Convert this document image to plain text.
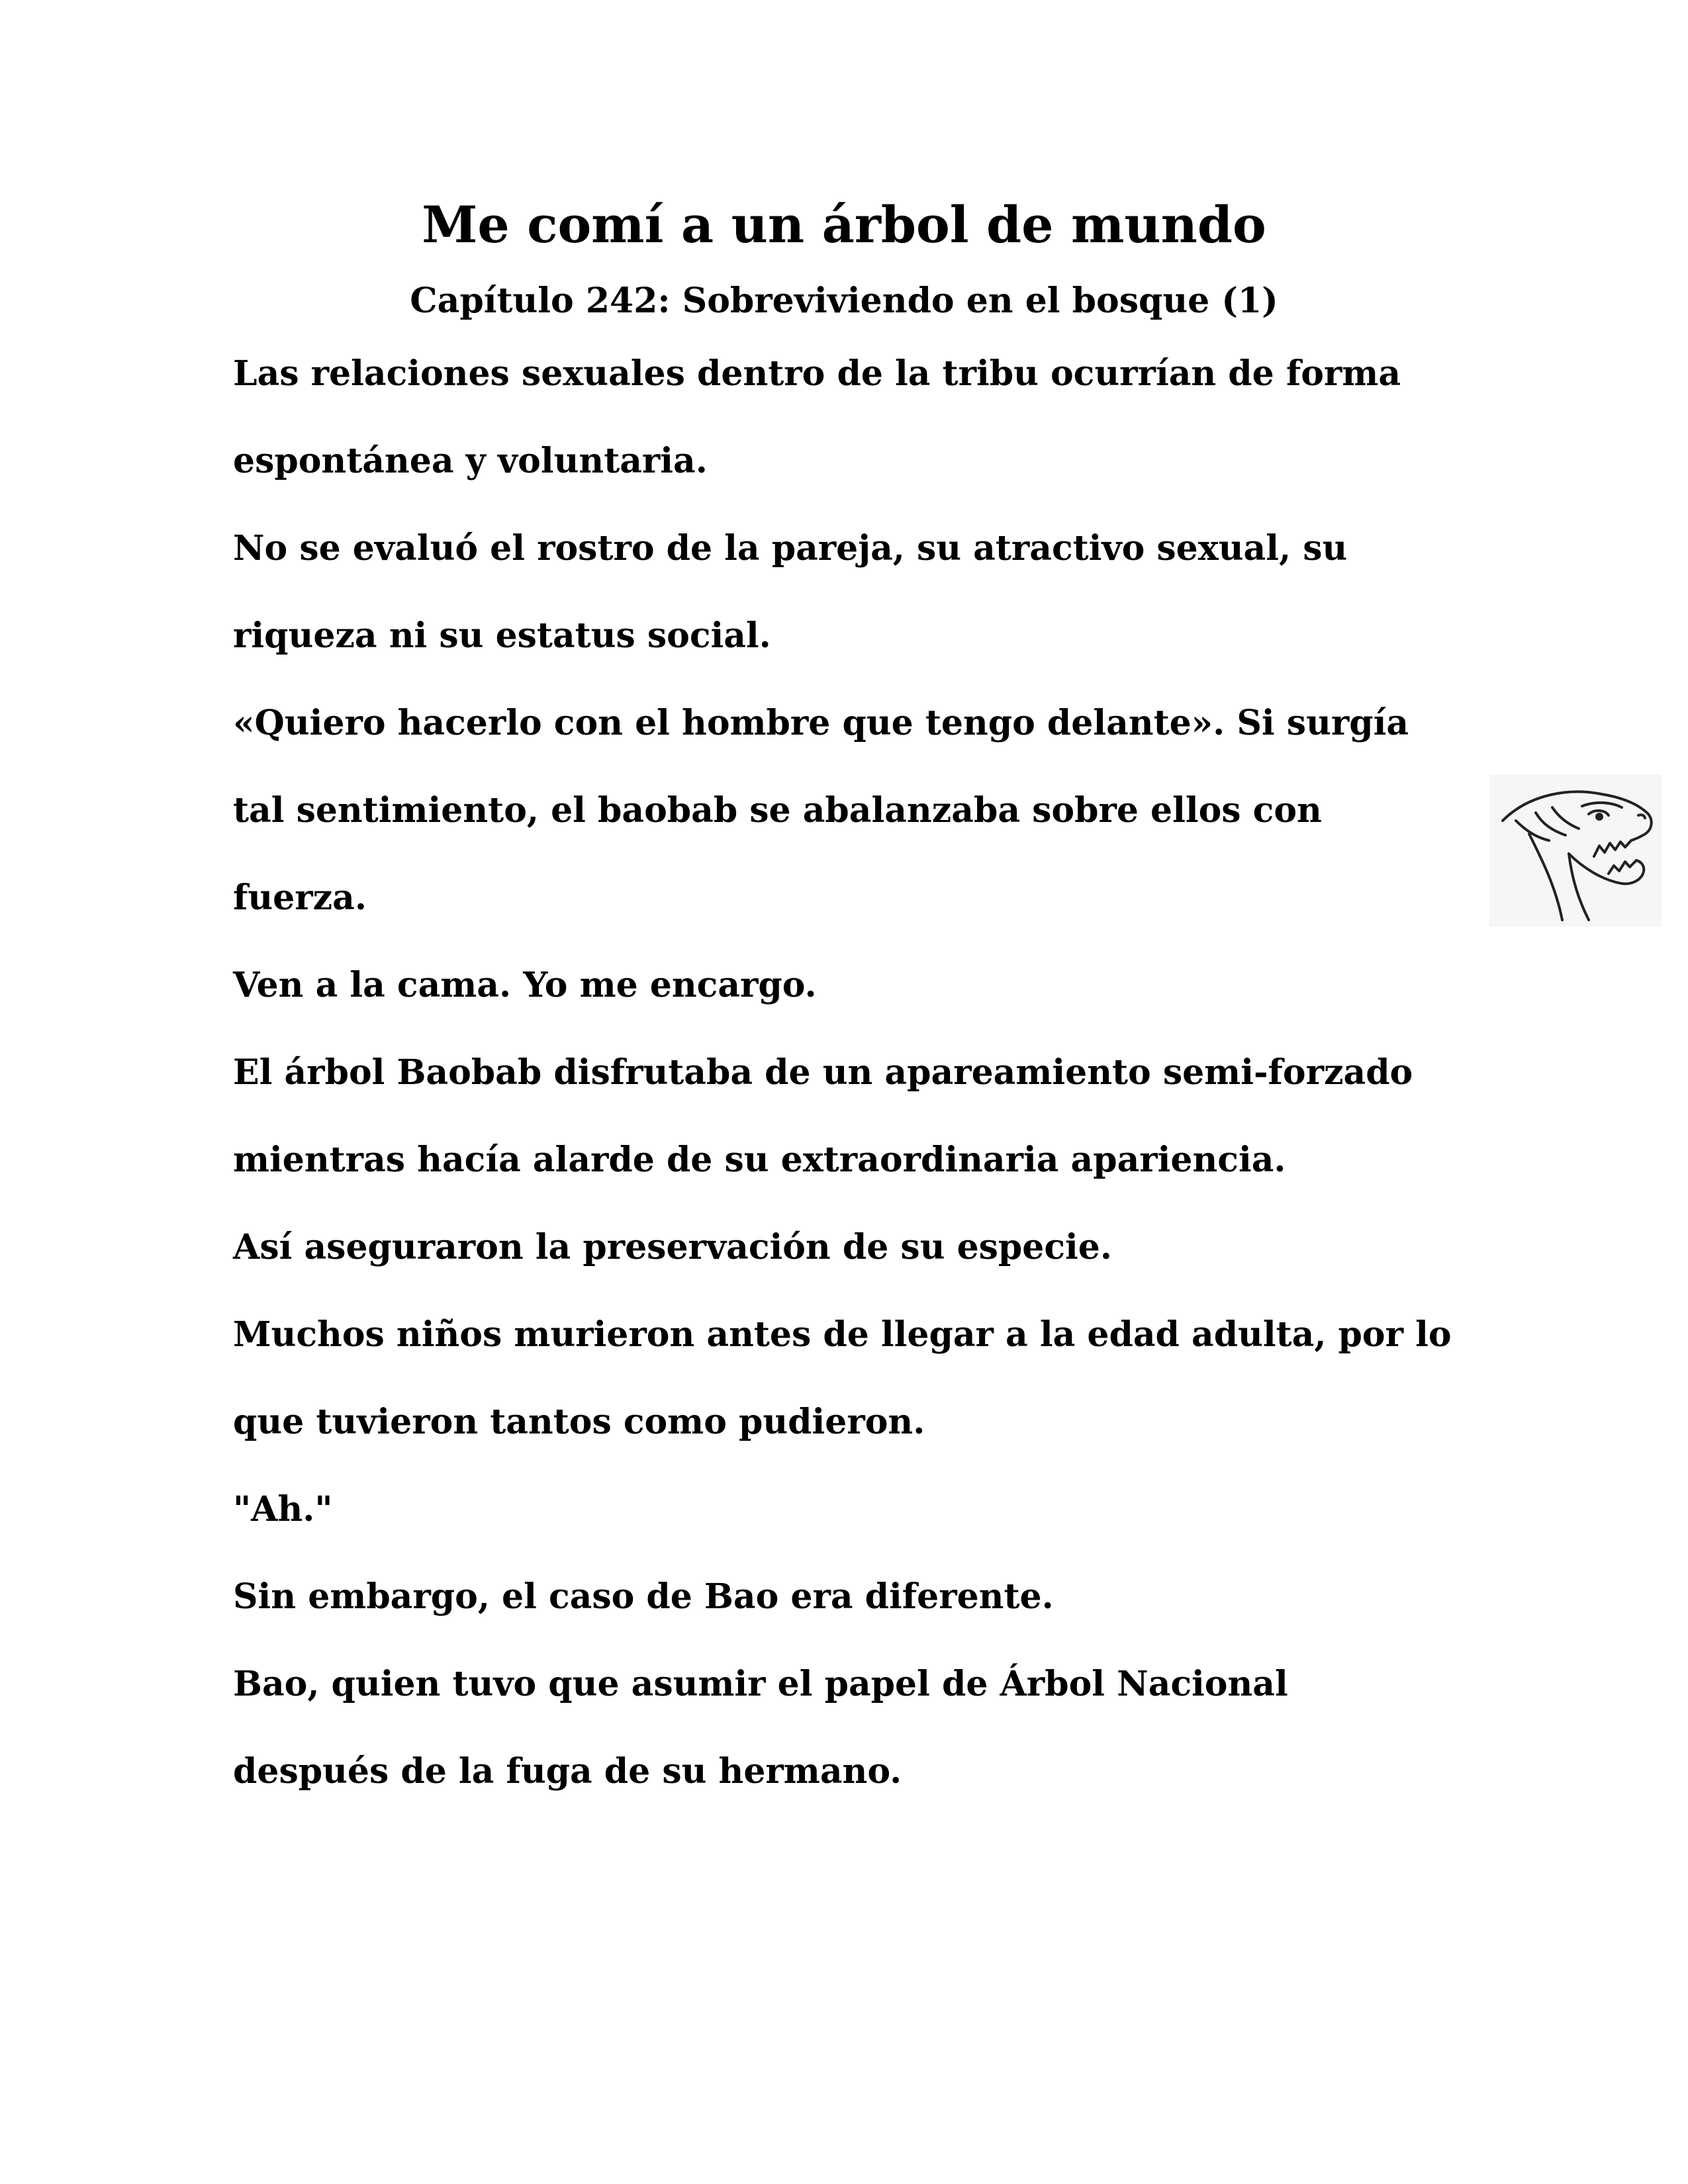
Me comí a un árbol de mundo
Capítulo 242: Sobreviviendo en el bosque (1)
Las relaciones sexuales dentro de la tribu ocurrían de forma
espontánea y voluntaria.
No se evaluó el rostro de la pareja, su atractivo sexual, su
riqueza ni su estatus social.
«Quiero hacerlo con el hombre que tengo delante». Si surgía
tal sentimiento, el baobab se abalanzaba sobre ellos con
fuerza.
Ven a la cama. Yo me encargo.
El árbol Baobab disfrutaba de un apareamiento semi-forzado
mientras hacía alarde de su extraordinaria apariencia.
Así aseguraron la preservación de su especie.
Muchos niños murieron antes de llegar a la edad adulta, por lo
que tuvieron tantos como pudieron.
"Ah."
Sin embargo, el caso de Bao era diferente.
Bao, quien tuvo que asumir el papel de Árbol Nacional
después de la fuga de su hermano.
